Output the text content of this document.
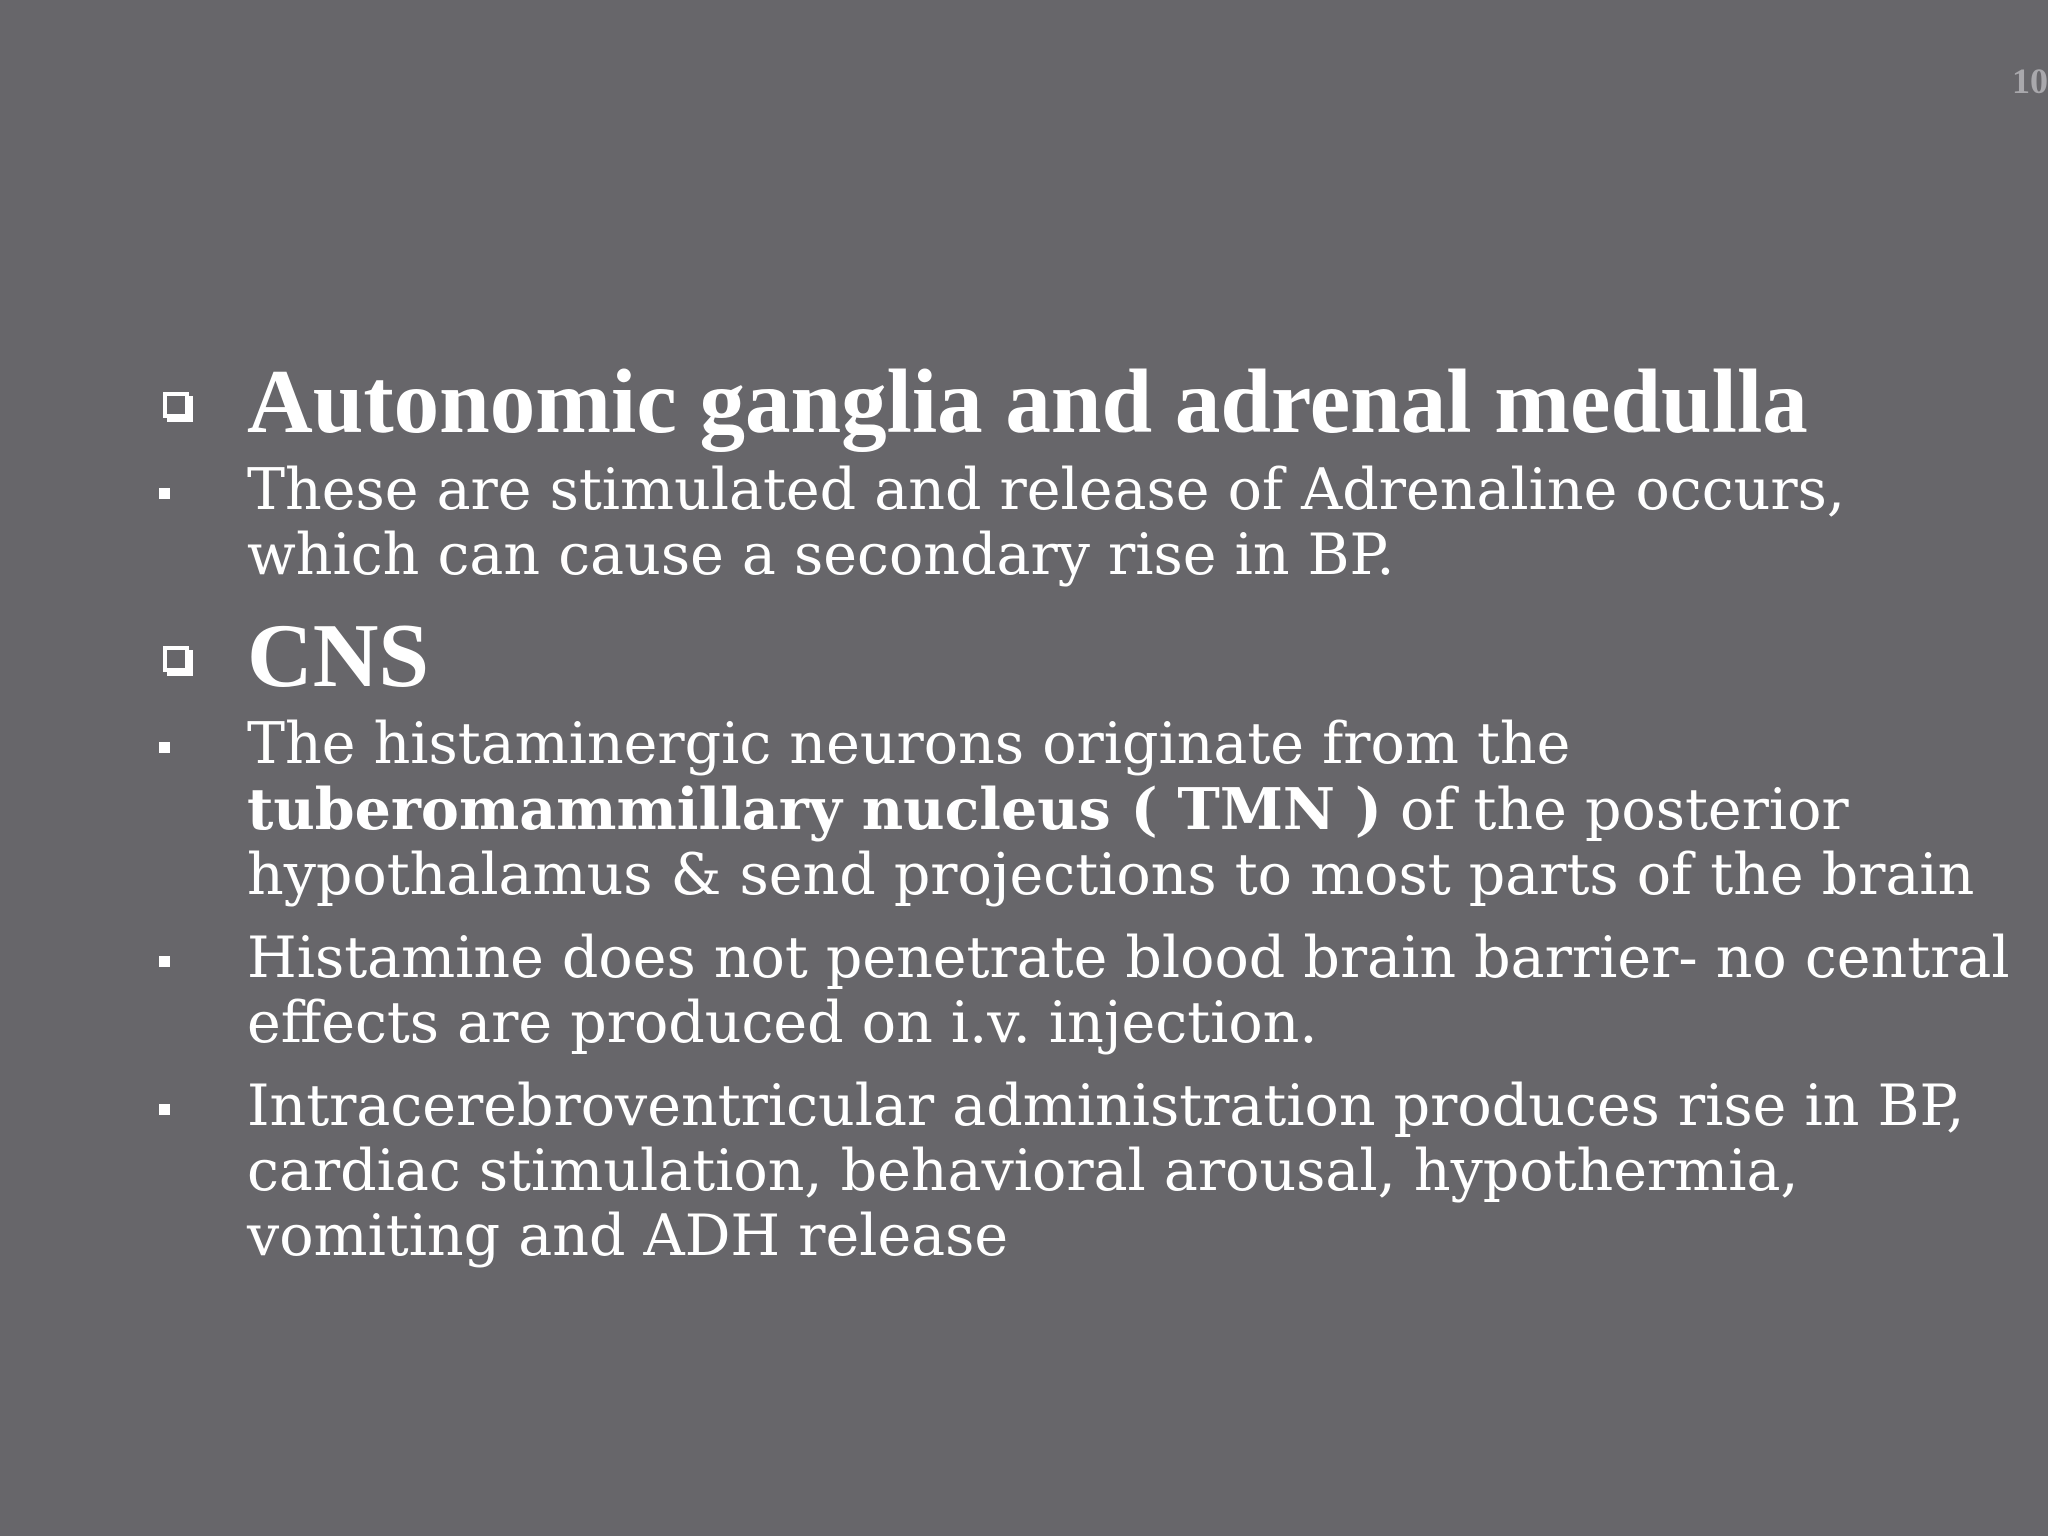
10
Autonomic ganglia and adrenal medulla
These are stimulated and release of Adrenaline occurs, which can cause a secondary rise in BP.
CNS
The histaminergic neurons originate from the tuberomammillary nucleus ( TMN ) of the posterior hypothalamus & send projections to most parts of the brain
Histamine does not penetrate blood brain barrier- no central effects are produced on i.v. injection.
Intracerebroventricular administration produces rise in BP, cardiac stimulation, behavioral arousal, hypothermia, vomiting and ADH release
